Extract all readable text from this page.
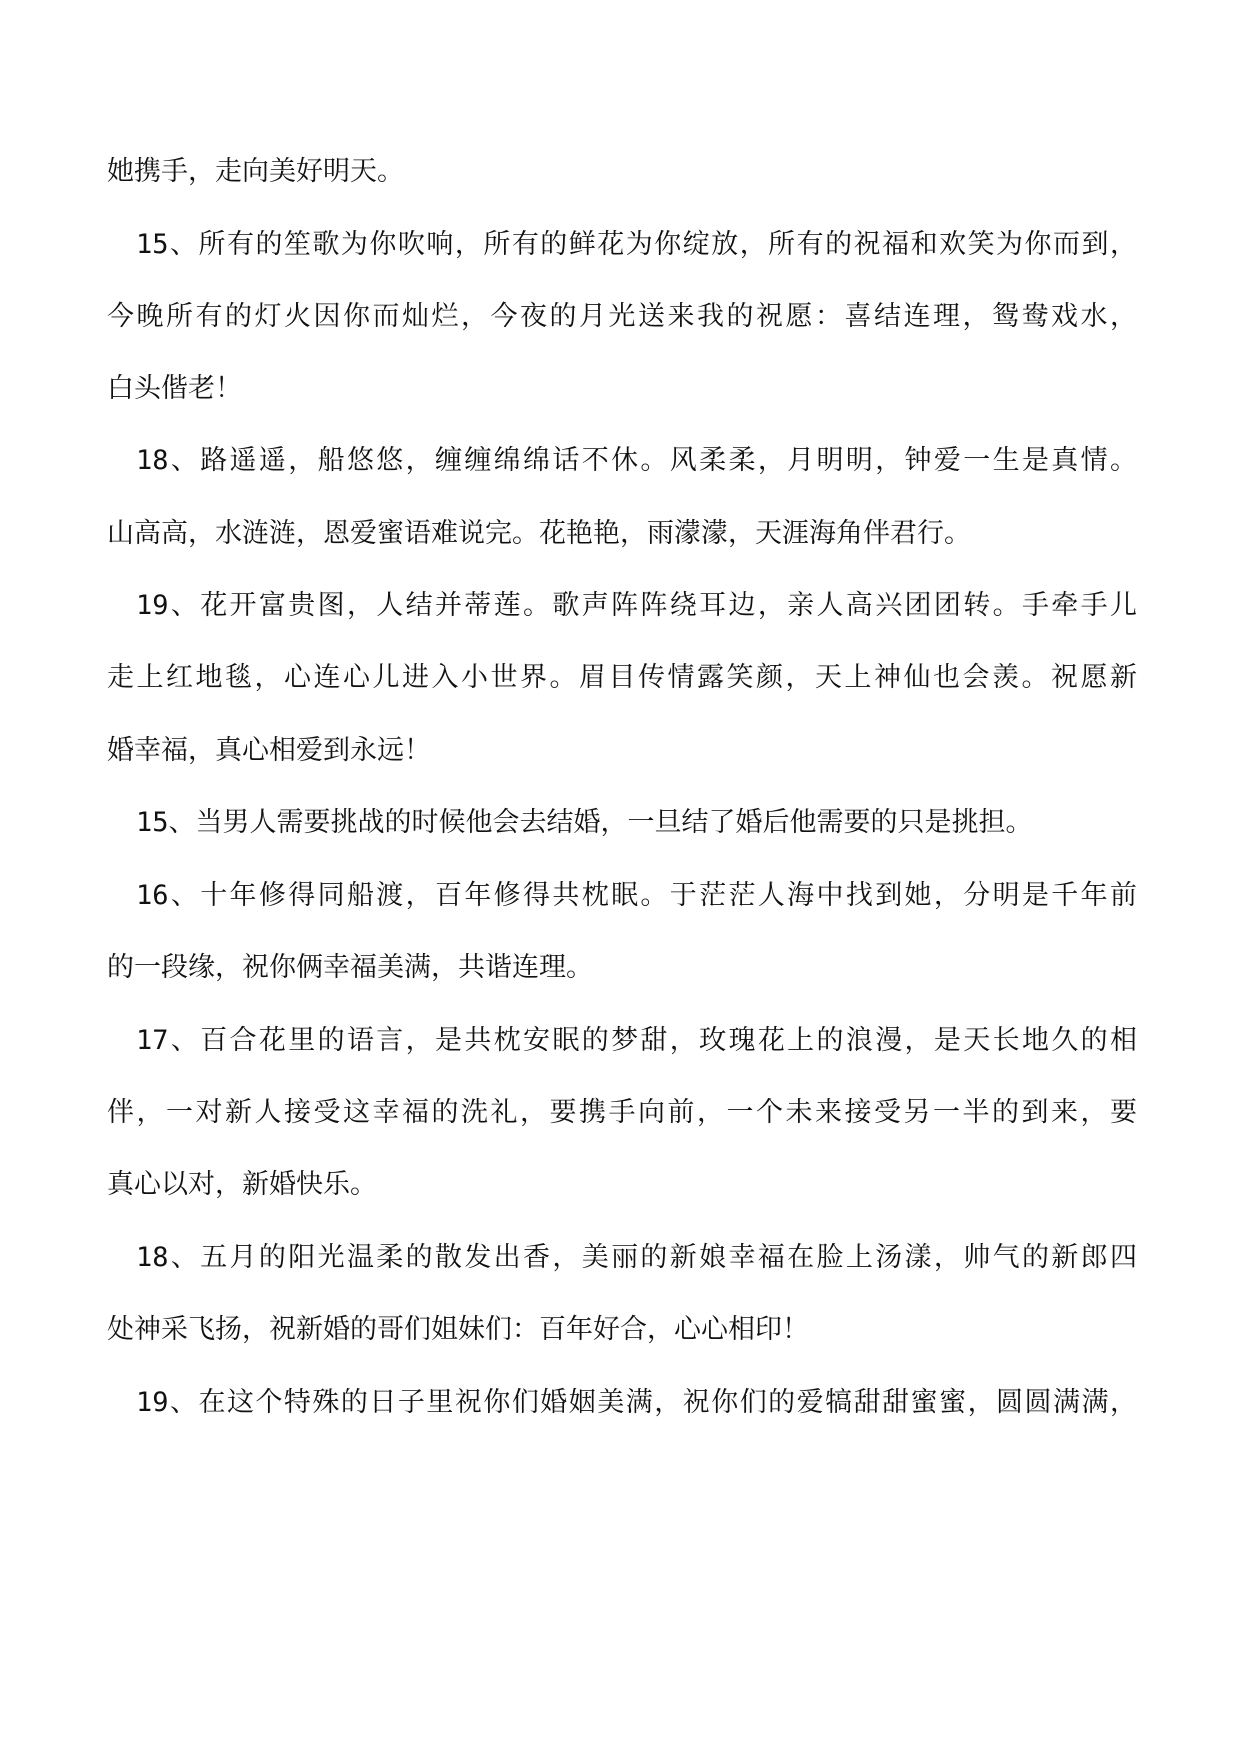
她携手，走向美好明天。
15、所有的笙歌为你吹响，所有的鲜花为你绽放，所有的祝福和欢笑为你而到，
今晚所有的灯火因你而灿烂，今夜的月光送来我的祝愿：喜结连理，鸳鸯戏水，
白头偕老！
18、路遥遥，船悠悠，缠缠绵绵话不休。风柔柔，月明明，钟爱一生是真情。
山高高，水涟涟，恩爱蜜语难说完。花艳艳，雨濛濛，天涯海角伴君行。
19、花开富贵图，人结并蒂莲。歌声阵阵绕耳边，亲人高兴团团转。手牵手儿
走上红地毯，心连心儿进入小世界。眉目传情露笑颜，天上神仙也会羡。祝愿新
婚幸福，真心相爱到永远！
15、当男人需要挑战的时候他会去结婚，一旦结了婚后他需要的只是挑担。
16、十年修得同船渡，百年修得共枕眠。于茫茫人海中找到她，分明是千年前
的一段缘，祝你俩幸福美满，共谐连理。
17、百合花里的语言，是共枕安眠的梦甜，玫瑰花上的浪漫，是天长地久的相
伴，一对新人接受这幸福的洗礼，要携手向前，一个未来接受另一半的到来，要
真心以对，新婚快乐。
18、五月的阳光温柔的散发出香，美丽的新娘幸福在脸上汤漾，帅气的新郎四
处神采飞扬，祝新婚的哥们姐妹们：百年好合，心心相印！
19、在这个特殊的日子里祝你们婚姻美满，祝你们的爱犒甜甜蜜蜜，圆圆满满，
